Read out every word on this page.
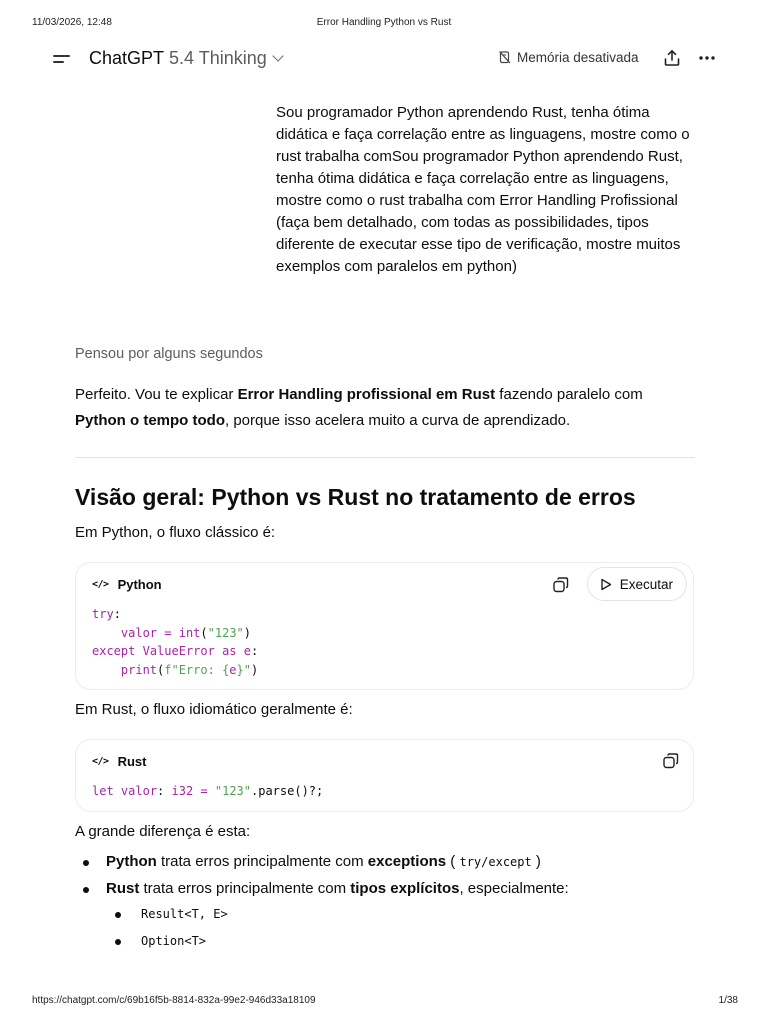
11/03/2026, 12:48	Error Handling Python vs Rust
ChatGPT 5.4 Thinking	Memória desativada
Sou programador Python aprendendo Rust, tenha ótima didática e faça correlação entre as linguagens, mostre como o rust trabalha comSou programador Python aprendendo Rust, tenha ótima didática e faça correlação entre as linguagens, mostre como o rust trabalha com Error Handling Profissional (faça bem detalhado, com todas as possibilidades, tipos diferente de executar esse tipo de verificação, mostre muitos exemplos com paralelos em python)
Pensou por alguns segundos
Perfeito. Vou te explicar Error Handling profissional em Rust fazendo paralelo com
Python o tempo todo, porque isso acelera muito a curva de aprendizado.
Visão geral: Python vs Rust no tratamento de erros
Em Python, o fluxo clássico é:
</> Python	Executar
try:
valor = int("123")
except ValueError as e:
print(f"Erro: {e}")
Em Rust, o fluxo idiomático geralmente é:
</> Rust
let valor: i32 = "123".parse()?;
A grande diferença é esta:
Python trata erros principalmente com exceptions ( try/except )
Rust trata erros principalmente com tipos explícitos, especialmente:
Result<T, E>
Option<T>
https://chatgpt.com/c/69b16f5b-8814-832a-99e2-946d33a18109	1/38
